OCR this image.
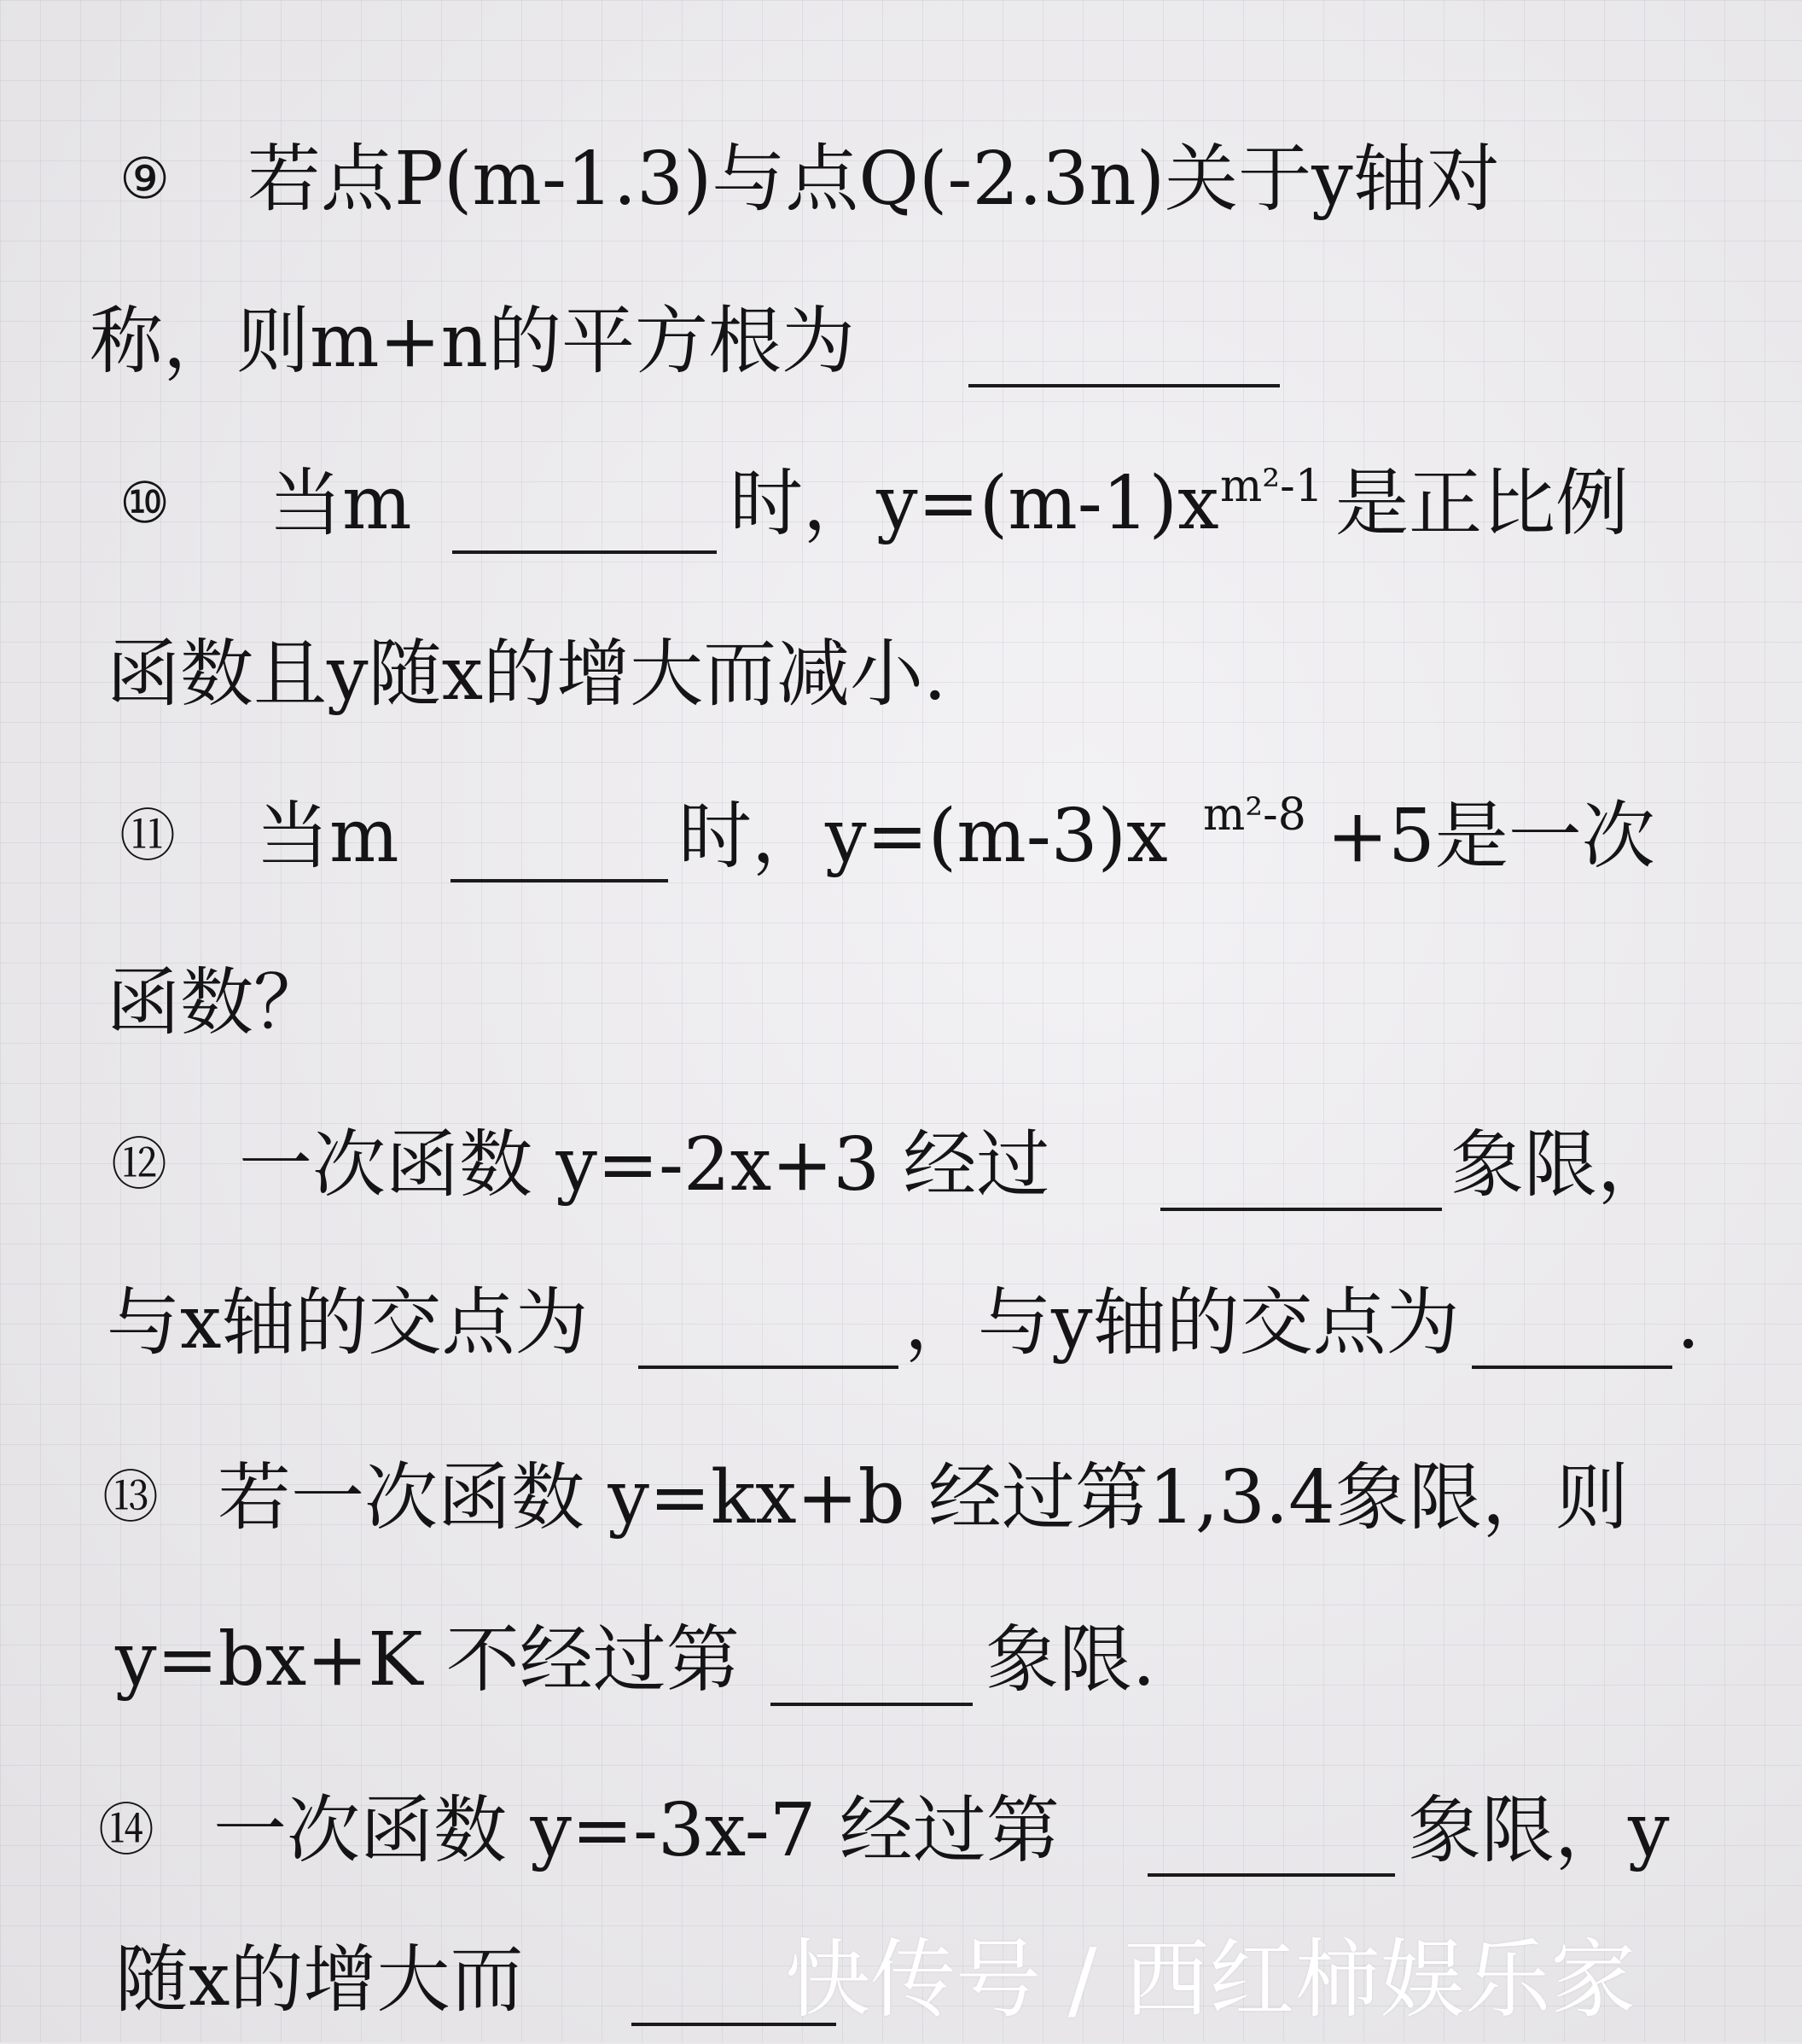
⑨ 若点P(m-1.3)与点Q(-2.3n)关于y轴对
称，则m+n的平方根为
⑩ 当m	时，y=(m-1)x m²-1 是正比例
函数且y随x的增大而减小.
⑪ 当m	时，y=(m-3)x m²-8 +5是一次
函数？
⑫ 一次函数 y=-2x+3 经过	象限，
与x轴的交点为	，与y轴的交点为	.
⑬ 若一次函数 y=kx+b 经过第1,3.4象限，则
y=bx+K 不经过第	象限.
⑭ 一次函数 y=-3x-7 经过第	象限，y
随x的增大而	快传号 / 西红柿娱乐家
